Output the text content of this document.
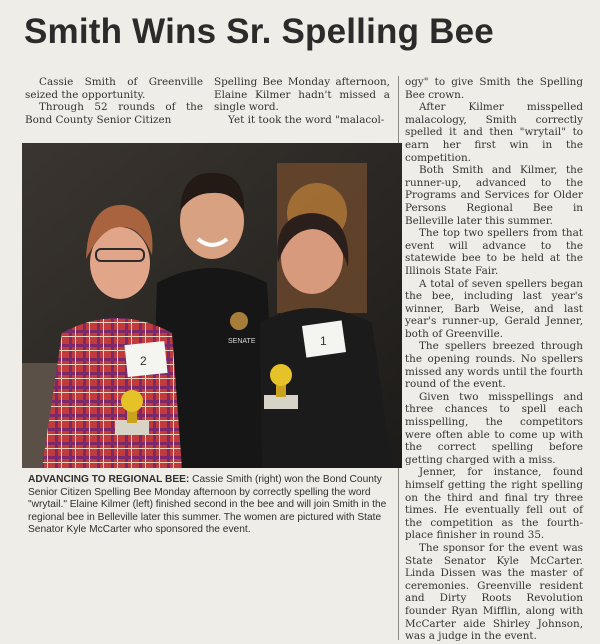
Smith Wins Sr. Spelling Bee

Cassie Smith of Greenville seized the opportunity.

Through 52 rounds of the Bond County Senior Citizen

Spelling Bee Monday afternoon, Elaine Kilmer hadn't missed a single word.

Yet it took the word "malacol-

ogy" to give Smith the Spelling Bee crown.

After Kilmer misspelled malacology, Smith correctly spelled it and then "wrytail" to earn her first win in the competition.

Both Smith and Kilmer, the runner-up, advanced to the Programs and Services for Older Persons Regional Bee in Belleville later this summer.

The top two spellers from that event will advance to the statewide bee to be held at the Illinois State Fair.

A total of seven spellers began the bee, including last year's winner, Barb Weise, and last year's runner-up, Gerald Jenner, both of Greenville.

The spellers breezed through the opening rounds. No spellers missed any words until the fourth round of the event.

Given two misspellings and three chances to spell each misspelling, the competitors were often able to come up with the correct spelling before getting charged with a miss.

Jenner, for instance, found himself getting the right spelling on the third and final try three times. He eventually fell out of the competition as the fourth-place finisher in round 35.

The sponsor for the event was State Senator Kyle McCarter. Linda Dissen was the master of ceremonies. Greenville resident and Dirty Roots Revolution founder Ryan Mifflin, along with McCarter aide Shirley Johnson, was a judge in the event.

SENATE
2
1
ADVANCING TO REGIONAL BEE: Cassie Smith (right) won the Bond County Senior Citizen Spelling Bee Monday afternoon by correctly spelling the word "wrytail." Elaine Kilmer (left) finished second in the bee and will join Smith in the regional bee in Belleville later this summer. The women are pictured with State Senator Kyle McCarter who sponsored the event.
